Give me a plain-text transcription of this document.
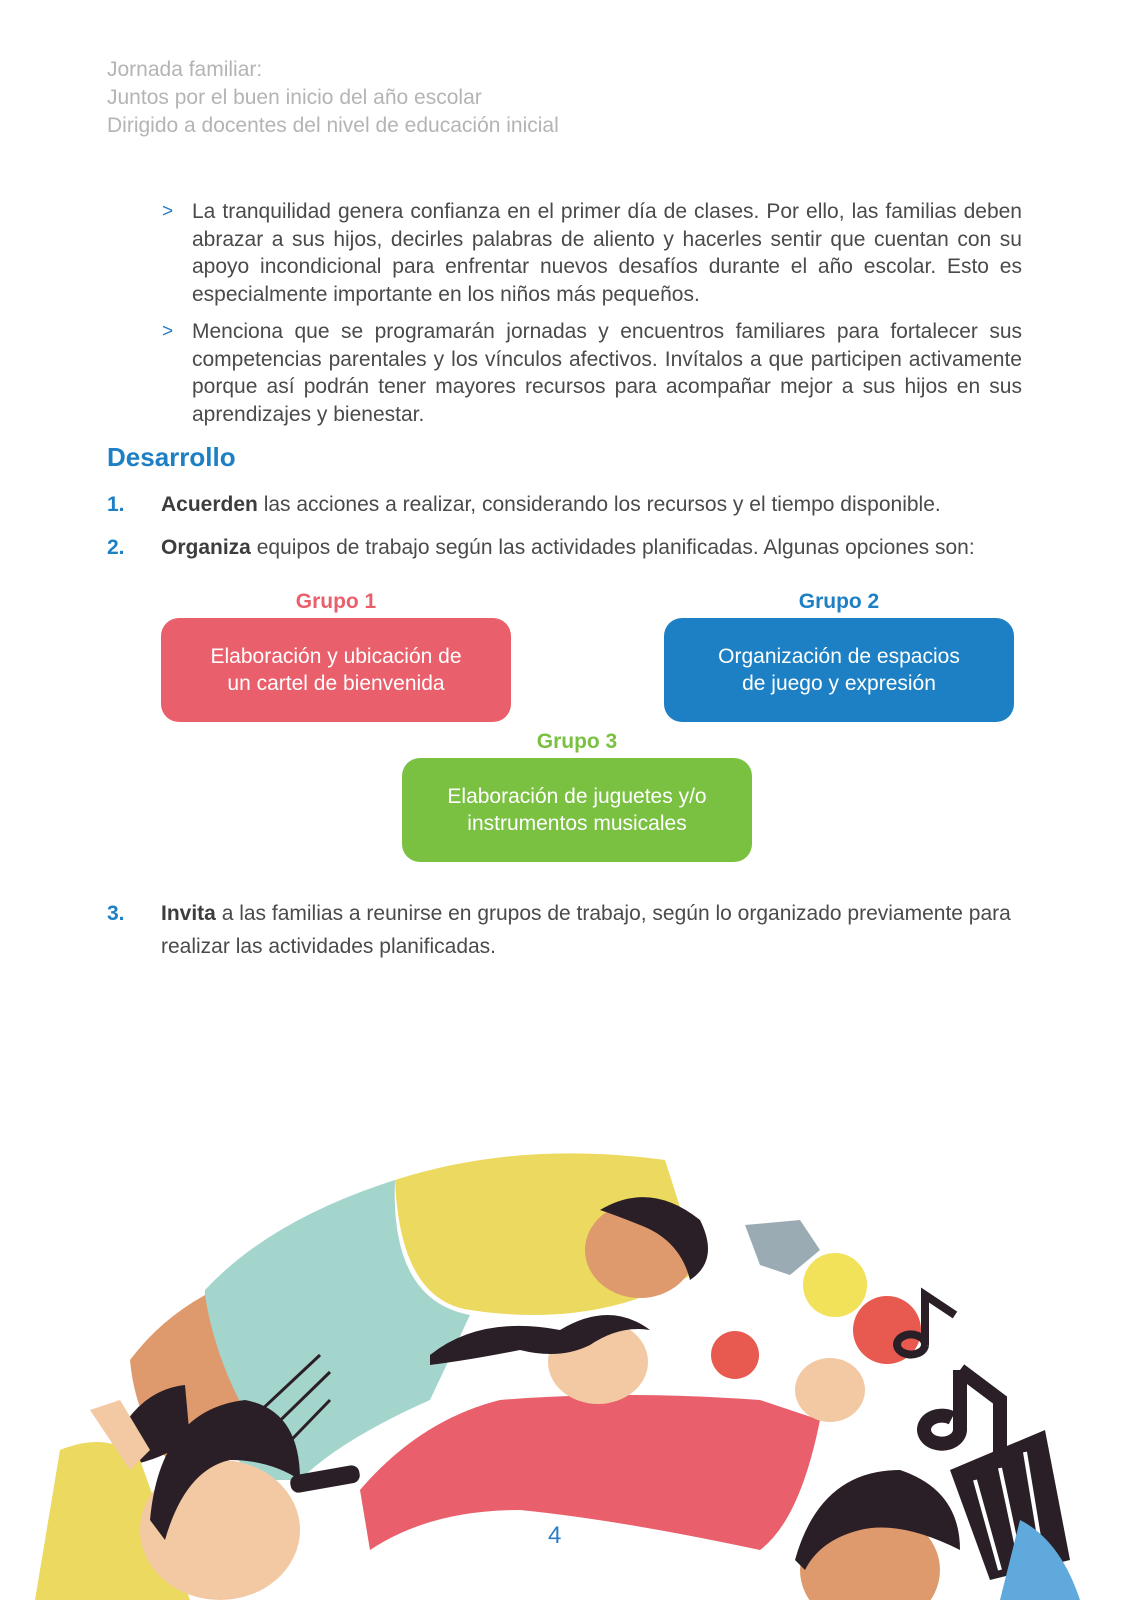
Jornada familiar:
Juntos por el buen inicio del año escolar
Dirigido a docentes del nivel de educación inicial
> La tranquilidad genera confianza en el primer día de clases. Por ello, las familias deben abrazar a sus hijos, decirles palabras de aliento y hacerles sentir que cuentan con su apoyo incondicional para enfrentar nuevos desafíos durante el año escolar. Esto es especialmente importante en los niños más pequeños.
> Menciona que se programarán jornadas y encuentros familiares para fortalecer sus competencias parentales y los vínculos afectivos. Invítalos a que participen activamente porque así podrán tener mayores recursos para acompañar mejor a sus hijos en sus aprendizajes y bienestar.
Desarrollo
1. Acuerden las acciones a realizar, considerando los recursos y el tiempo disponible.
2. Organiza equipos de trabajo según las actividades planificadas. Algunas opciones son:
Grupo 1
Elaboración y ubicación de
un cartel de bienvenida
Grupo 2
Organización de espacios
de juego y expresión
Grupo 3
Elaboración de juguetes y/o
instrumentos musicales
3. Invita a las familias a reunirse en grupos de trabajo, según lo organizado previamente para realizar las actividades planificadas.
4
